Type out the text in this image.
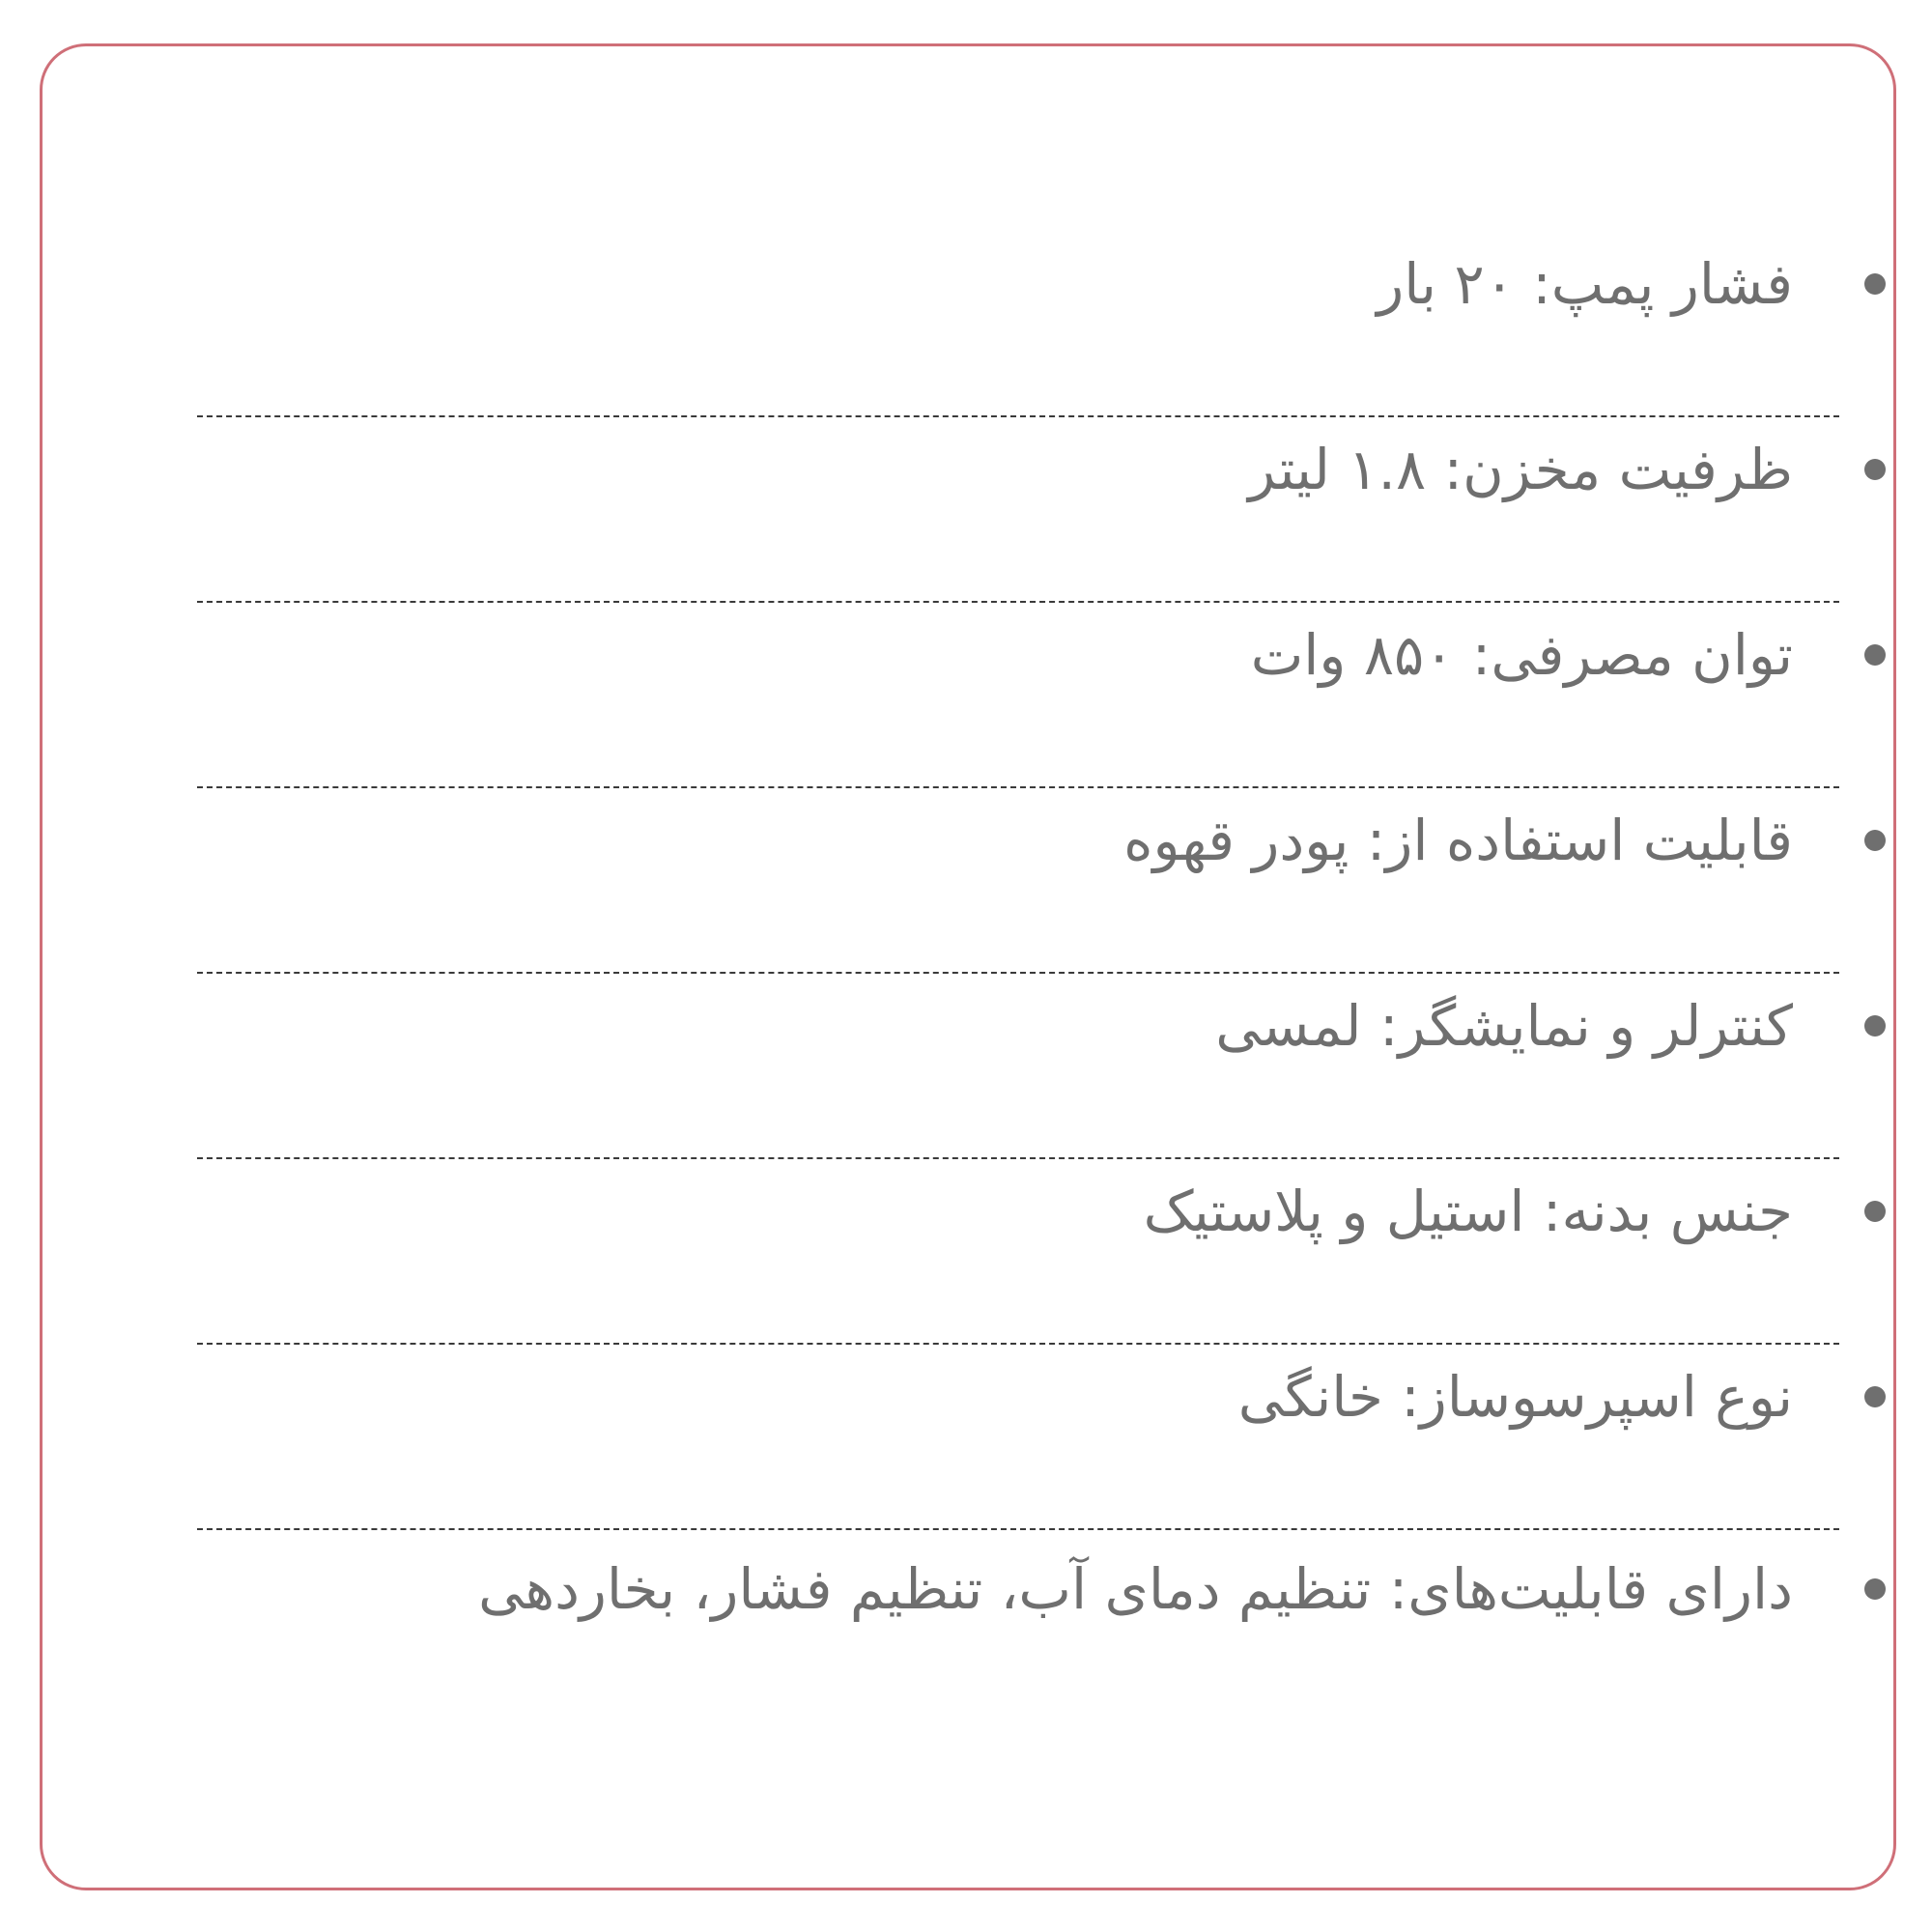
فشار پمپ: ۲۰ بار
ظرفیت مخزن: ۱.۸ لیتر
توان مصرفی: ۸۵۰ وات
قابلیت استفاده از: پودر قهوه
کنترلر و نمایشگر: لمسی
جنس بدنه: استیل و پلاستیک
نوع اسپرسوساز: خانگی
دارای قابلیت‌های: تنظیم دمای آب، تنظیم فشار، بخاردهی
